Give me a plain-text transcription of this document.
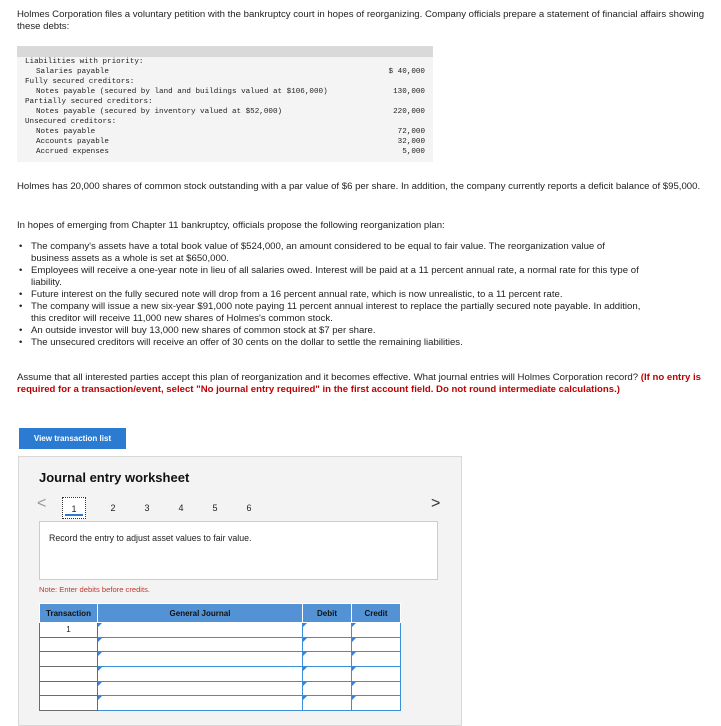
Holmes Corporation files a voluntary petition with the bankruptcy court in hopes of reorganizing. Company officials prepare a statement of financial affairs showing these debts:
Liabilities with priority:
Salaries payable	$ 40,000
Fully secured creditors:
Notes payable (secured by land and buildings valued at $106,000)	130,000
Partially secured creditors:
Notes payable (secured by inventory valued at $52,000)	220,000
Unsecured creditors:
Notes payable	72,000
Accounts payable	32,000
Accrued expenses	5,000
Holmes has 20,000 shares of common stock outstanding with a par value of $6 per share. In addition, the company currently reports a deficit balance of $95,000.
In hopes of emerging from Chapter 11 bankruptcy, officials propose the following reorganization plan:
• The company's assets have a total book value of $524,000, an amount considered to be equal to fair value. The reorganization value of business assets as a whole is set at $650,000.
• Employees will receive a one-year note in lieu of all salaries owed. Interest will be paid at a 11 percent annual rate, a normal rate for this type of liability.
• Future interest on the fully secured note will drop from a 16 percent annual rate, which is now unrealistic, to a 11 percent rate.
• The company will issue a new six-year $91,000 note paying 11 percent annual interest to replace the partially secured note payable. In addition, this creditor will receive 11,000 new shares of Holmes's common stock.
• An outside investor will buy 13,000 new shares of common stock at $7 per share.
• The unsecured creditors will receive an offer of 30 cents on the dollar to settle the remaining liabilities.
Assume that all interested parties accept this plan of reorganization and it becomes effective. What journal entries will Holmes Corporation record? (If no entry is required for a transaction/event, select "No journal entry required" in the first account field. Do not round intermediate calculations.)
View transaction list
Journal entry worksheet
<	1	2	3	4	5	6	>
Record the entry to adjust asset values to fair value.
Note: Enter debits before credits.
Transaction	General Journal	Debit	Credit
1			
